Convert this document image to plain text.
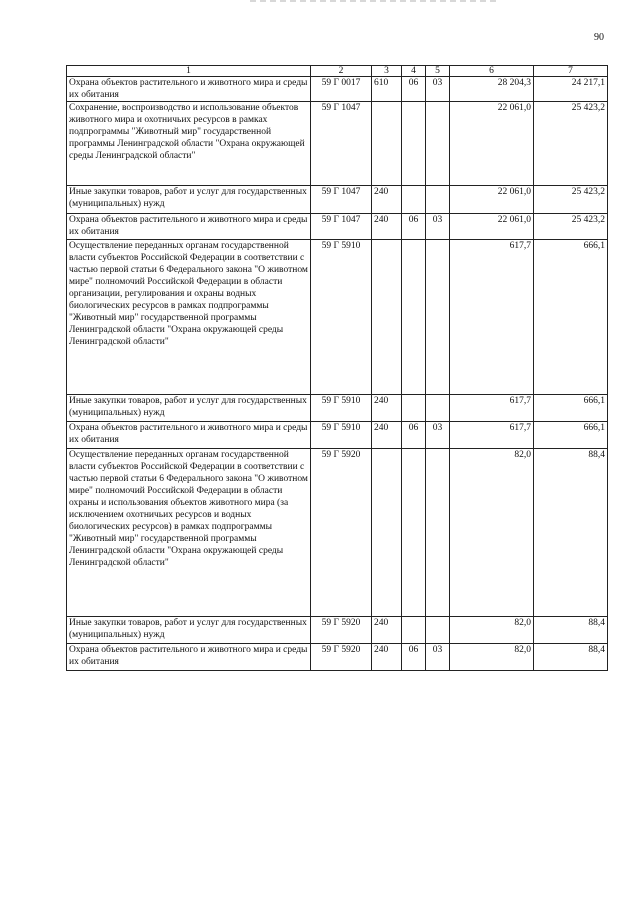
90
1	2	3	4	5	6	7
Охрана объектов растительного и животного мира и среды их обитания	59 Г 0017	610	06	03	28 204,3	24 217,1
Сохранение, воспроизводство и использование объектов животного мира и охотничьих ресурсов в рамках подпрограммы "Животный мир" государственной программы Ленинградской области "Охрана окружающей среды Ленинградской области"	59 Г 1047				22 061,0	25 423,2
Иные закупки товаров, работ и услуг для государственных (муниципальных) нужд	59 Г 1047	240			22 061,0	25 423,2
Охрана объектов растительного и животного мира и среды их обитания	59 Г 1047	240	06	03	22 061,0	25 423,2
Осуществление переданных органам государственной власти субъектов Российской Федерации в соответствии с частью первой статьи 6 Федерального закона "О животном мире" полномочий Российской Федерации в области организации, регулирования и охраны водных биологических ресурсов в рамках подпрограммы "Животный мир" государственной программы Ленинградской области "Охрана окружающей среды Ленинградской области"	59 Г 5910				617,7	666,1
Иные закупки товаров, работ и услуг для государственных (муниципальных) нужд	59 Г 5910	240			617,7	666,1
Охрана объектов растительного и животного мира и среды их обитания	59 Г 5910	240	06	03	617,7	666,1
Осуществление переданных органам государственной власти субъектов Российской Федерации в соответствии с частью первой статьи 6 Федерального закона "О животном мире" полномочий Российской Федерации в области охраны и использования объектов животного мира (за исключением охотничьих ресурсов и водных биологических ресурсов) в рамках подпрограммы "Животный мир" государственной программы Ленинградской области "Охрана окружающей среды Ленинградской области"	59 Г 5920				82,0	88,4
Иные закупки товаров, работ и услуг для государственных (муниципальных) нужд	59 Г 5920	240			82,0	88,4
Охрана объектов растительного и животного мира и среды их обитания	59 Г 5920	240	06	03	82,0	88,4
